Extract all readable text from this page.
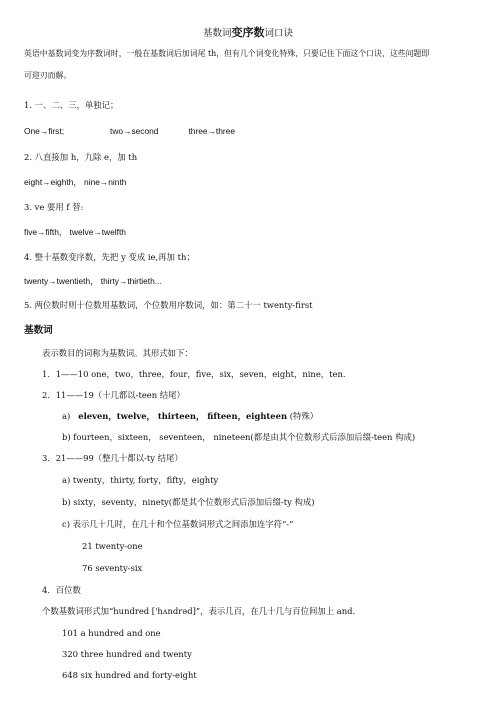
基数词变序数词口诀
英语中基数词变为序数词时，一般在基数词后加词尾 th，但有几个词变化特殊，只要记住下面这个口诀，这些问题即
可迎刃而解。
1. 一、二、三，单独记；
One→first;	two→second	three→three
2. 八直接加 h，九除 e，加 th
eight→eighth， nine→ninth
3. ve 要用 f 替:
five→fifth， twelve→twelfth
4. 整十基数变序数，先把 y 变成 ie,再加 th；
twenty→twentieth， thirty→thirtieth...
5. 两位数时则十位数用基数词，个位数用序数词，如：第二十一 twenty-first
基数词
表示数目的词称为基数词。其形式如下：
1．1——10 one，two，three，four，five，six，seven，eight，nine，ten.
2．11——19（十几都以-teen 结尾）
a) eleven，twelve， thirteen， fifteen，eighteen (特殊）
b) fourteen，sixteen， seventeen， nineteen(都是由其个位数形式后添加后缀-teen 构成)
3．21——99（整几十都以-ty 结尾）
a) twenty，thirty, forty，fifty，eighty
b) sixty，seventy，ninety(都是其个位数形式后添加后缀-ty 构成)
c) 表示几十几时，在几十和个位基数词形式之间添加连字符“-”
21 twenty-one
76 seventy-six
4．百位数
个数基数词形式加“hundred ['hʌndrəd]”，表示几百，在几十几与百位间加上 and.
101 a hundred and one
320 three hundred and twenty
648 six hundred and forty-eight
